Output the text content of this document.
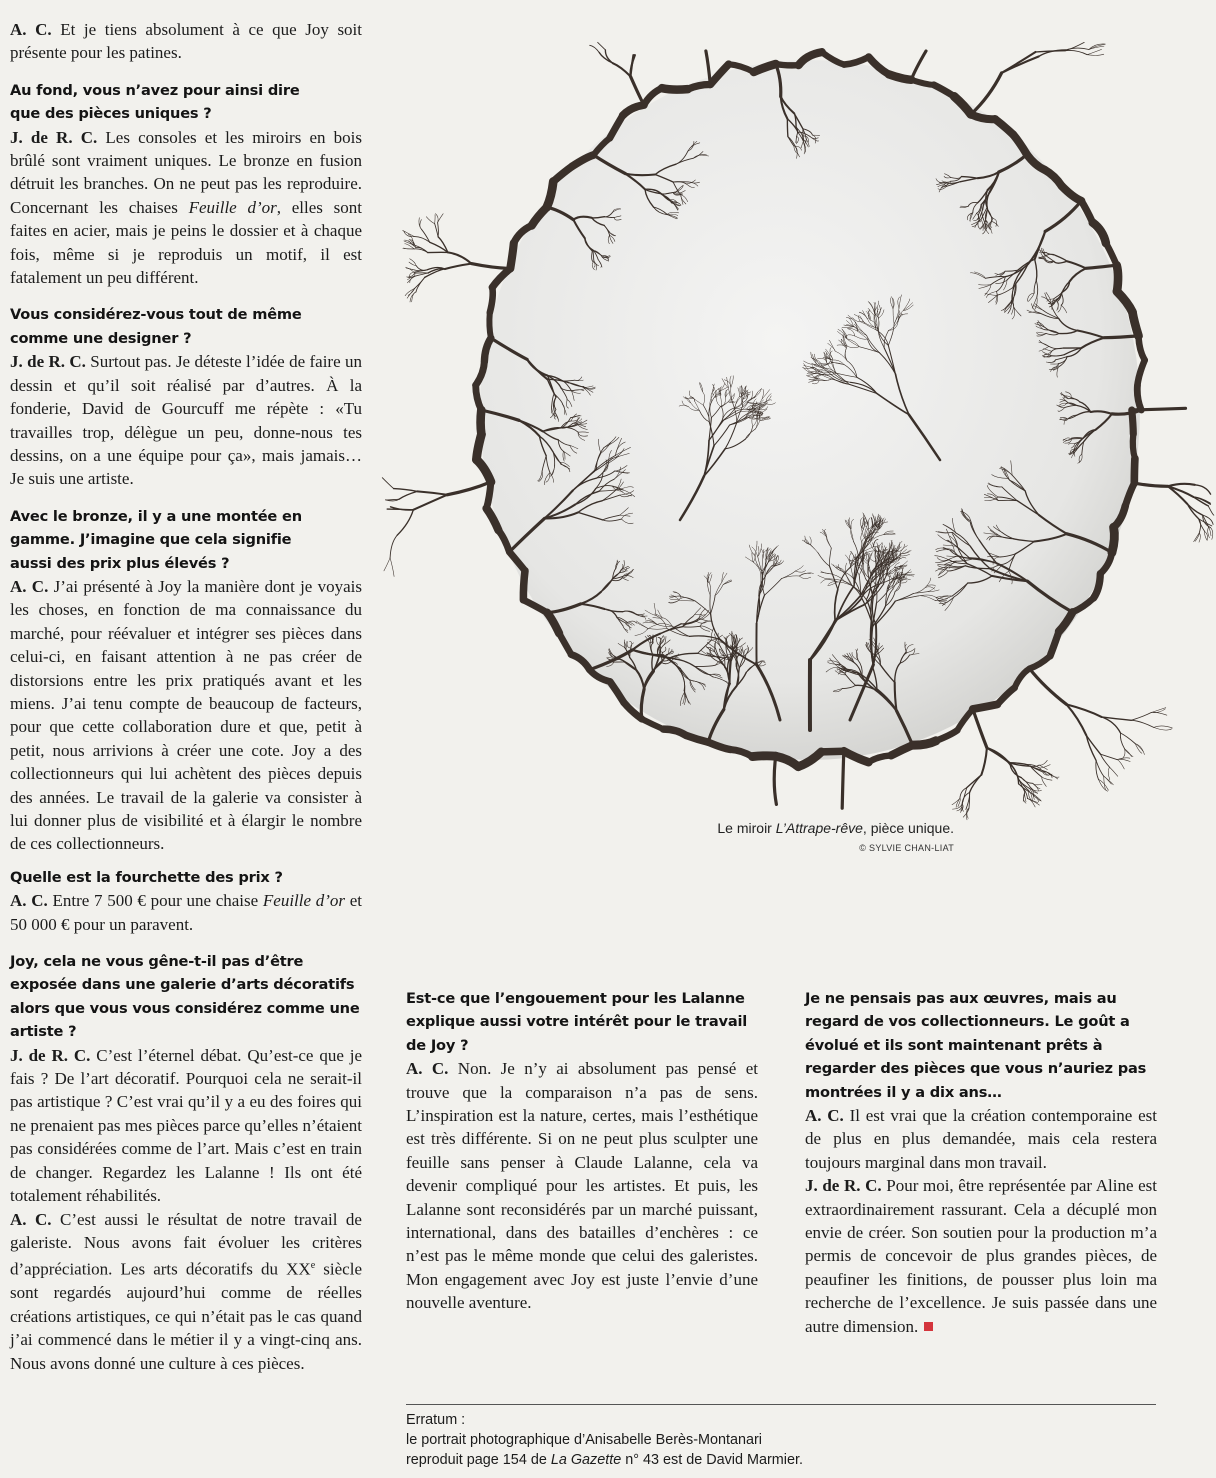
A. C. Et je tiens absolument à ce que Joy soit présente pour les patines.

Au fond, vous n’avez pour ainsi dire que des pièces uniques ?

J. de R. C. Les consoles et les miroirs en bois brûlé sont vraiment uniques. Le bronze en fusion détruit les branches. On ne peut pas les reproduire. Concernant les chaises Feuille d’or, elles sont faites en acier, mais je peins le dossier et à chaque fois, même si je reproduis un motif, il est fatalement un peu différent.

Vous considérez-vous tout de même comme une designer ?

J. de R. C. Surtout pas. Je déteste l’idée de faire un dessin et qu’il soit réalisé par d’autres. À la fonderie, David de Gourcuff me répète : «Tu travailles trop, délègue un peu, donne-nous tes dessins, on a une équipe pour ça», mais jamais… Je suis une artiste.

Avec le bronze, il y a une montée en gamme. J’imagine que cela signifie aussi des prix plus élevés ?

A. C. J’ai présenté à Joy la manière dont je voyais les choses, en fonction de ma connaissance du marché, pour réévaluer et intégrer ses pièces dans celui-ci, en faisant attention à ne pas créer de distorsions entre les prix pratiqués avant et les miens. J’ai tenu compte de beaucoup de facteurs, pour que cette collaboration dure et que, petit à petit, nous arrivions à créer une cote. Joy a des collectionneurs qui lui achètent des pièces depuis des années. Le travail de la galerie va consister à lui donner plus de visibilité et à élargir le nombre de ces collectionneurs.

Quelle est la fourchette des prix ?

A. C. Entre 7 500 € pour une chaise Feuille d’or et 50 000 € pour un paravent.

Joy, cela ne vous gêne-t-il pas d’être exposée dans une galerie d’arts décoratifs alors que vous vous considérez comme une artiste ?

J. de R. C. C’est l’éternel débat. Qu’est-ce que je fais ? De l’art décoratif. Pourquoi cela ne serait-il pas artistique ? C’est vrai qu’il y a eu des foires qui ne prenaient pas mes pièces parce qu’elles n’étaient pas considérées comme de l’art. Mais c’est en train de changer. Regardez les Lalanne ! Ils ont été totalement réhabilités.

A. C. C’est aussi le résultat de notre travail de galeriste. Nous avons fait évoluer les critères d’appréciation. Les arts décoratifs du XXe siècle sont regardés aujourd’hui comme de réelles créations artistiques, ce qui n’était pas le cas quand j’ai commencé dans le métier il y a vingt-cinq ans. Nous avons donné une culture à ces pièces.

Le miroir L’Attrape-rêve, pièce unique.
© SYLVIE CHAN-LIAT

Est-ce que l’engouement pour les Lalanne explique aussi votre intérêt pour le travail de Joy ?

A. C. Non. Je n’y ai absolument pas pensé et trouve que la comparaison n’a pas de sens. L’inspiration est la nature, certes, mais l’esthétique est très différente. Si on ne peut plus sculpter une feuille sans penser à Claude Lalanne, cela va devenir compliqué pour les artistes. Et puis, les Lalanne sont reconsidérés par un marché puissant, international, dans des batailles d’enchères : ce n’est pas le même monde que celui des galeristes. Mon engagement avec Joy est juste l’envie d’une nouvelle aventure.

Je ne pensais pas aux œuvres, mais au regard de vos collectionneurs. Le goût a évolué et ils sont maintenant prêts à regarder des pièces que vous n’auriez pas montrées il y a dix ans…

A. C. Il est vrai que la création contemporaine est de plus en plus demandée, mais cela restera toujours marginal dans mon travail.

J. de R. C. Pour moi, être représentée par Aline est extraordinairement rassurant. Cela a décuplé mon envie de créer. Son soutien pour la production m’a permis de concevoir de plus grandes pièces, de peaufiner les finitions, de pousser plus loin ma recherche de l’excellence. Je suis passée dans une autre dimension.

Erratum :

le portrait photographique d’Anisabelle Berès-Montanari

reproduit page 154 de La Gazette n° 43 est de David Marmier.
